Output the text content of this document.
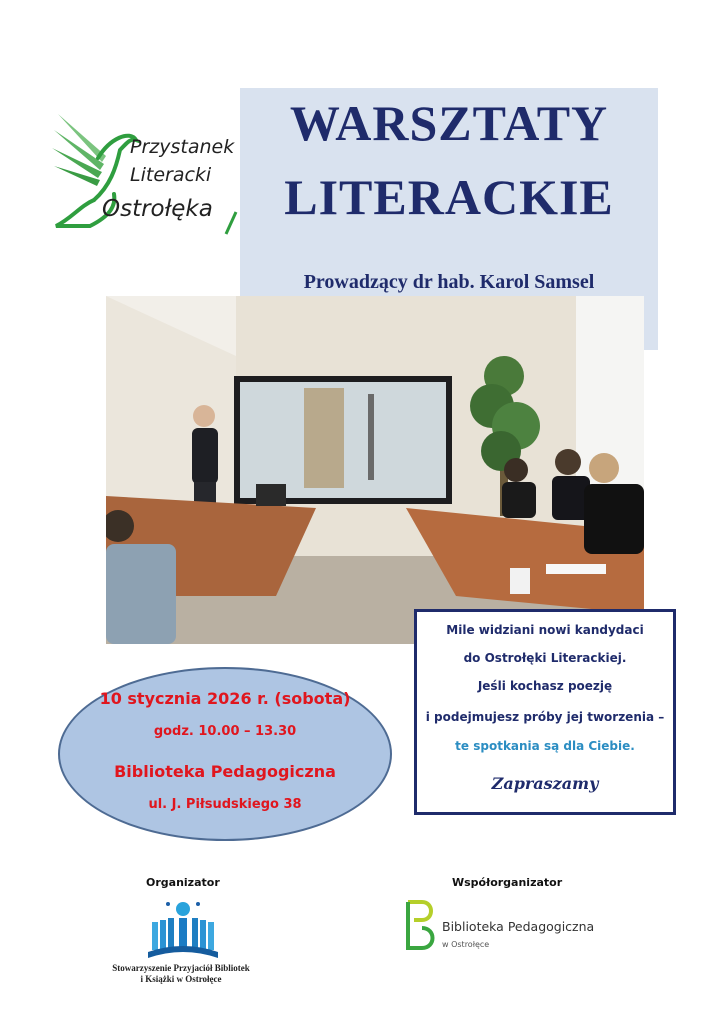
Przystanek
Literacki
Ostrołęka
WARSZTATY
LITERACKIE
Prowadzący dr hab. Karol Samsel
Mile widziani nowi kandydaci
do Ostrołęki Literackiej.
Jeśli kochasz poezję
i podejmujesz próby jej tworzenia –
te spotkania są dla Ciebie.
Zapraszamy
10 stycznia 2026 r. (sobota)
godz. 10.00 – 13.30
Biblioteka Pedagogiczna
ul. J. Piłsudskiego 38
Organizator
Stowarzyszenie Przyjaciół Bibliotek
i Książki w Ostrołęce
Współorganizator
Biblioteka Pedagogiczna
w Ostrołęce
